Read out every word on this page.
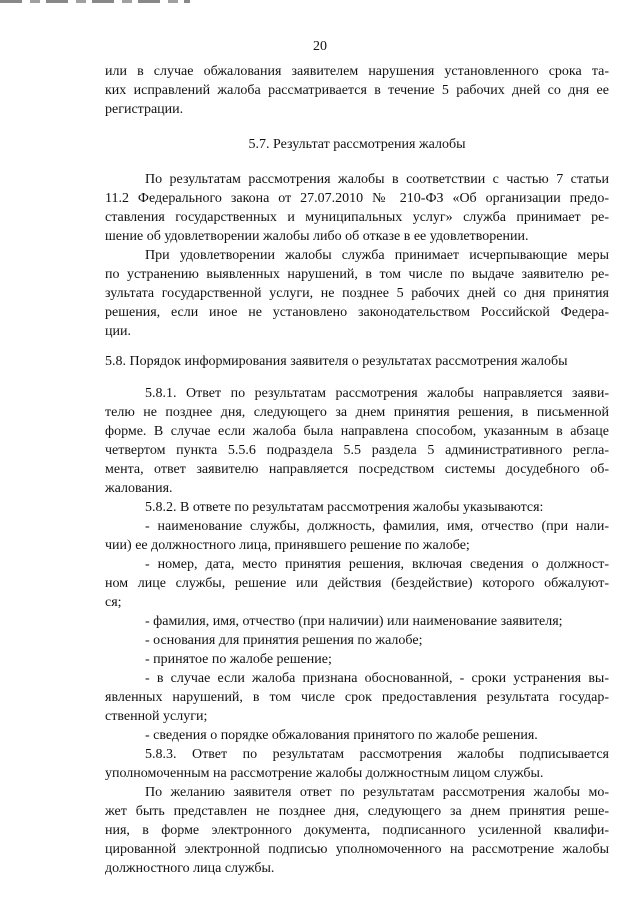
20
или в случае обжалования заявителем нарушения установленного срока та-
ких исправлений жалоба рассматривается в течение 5 рабочих дней со дня ее
регистрации.
5.7. Результат рассмотрения жалобы
По результатам рассмотрения жалобы в соответствии с частью 7 статьи
11.2 Федерального закона от 27.07.2010 № 210-ФЗ «Об организации предо-
ставления государственных и муниципальных услуг» служба принимает ре-
шение об удовлетворении жалобы либо об отказе в ее удовлетворении.
При удовлетворении жалобы служба принимает исчерпывающие меры
по устранению выявленных нарушений, в том числе по выдаче заявителю ре-
зультата государственной услуги, не позднее 5 рабочих дней со дня принятия
решения, если иное не установлено законодательством Российской Федера-
ции.
5.8. Порядок информирования заявителя о результатах рассмотрения жалобы
5.8.1. Ответ по результатам рассмотрения жалобы направляется заяви-
телю не позднее дня, следующего за днем принятия решения, в письменной
форме. В случае если жалоба была направлена способом, указанным в абзаце
четвертом пункта 5.5.6 подраздела 5.5 раздела 5 административного регла-
мента, ответ заявителю направляется посредством системы досудебного об-
жалования.
5.8.2. В ответе по результатам рассмотрения жалобы указываются:
- наименование службы, должность, фамилия, имя, отчество (при нали-
чии) ее должностного лица, принявшего решение по жалобе;
- номер, дата, место принятия решения, включая сведения о должност-
ном лице службы, решение или действия (бездействие) которого обжалуют-
ся;
- фамилия, имя, отчество (при наличии) или наименование заявителя;
- основания для принятия решения по жалобе;
- принятое по жалобе решение;
- в случае если жалоба признана обоснованной, - сроки устранения вы-
явленных нарушений, в том числе срок предоставления результата государ-
ственной услуги;
- сведения о порядке обжалования принятого по жалобе решения.
5.8.3. Ответ по результатам рассмотрения жалобы подписывается
уполномоченным на рассмотрение жалобы должностным лицом службы.
По желанию заявителя ответ по результатам рассмотрения жалобы мо-
жет быть представлен не позднее дня, следующего за днем принятия реше-
ния, в форме электронного документа, подписанного усиленной квалифи-
цированной электронной подписью уполномоченного на рассмотрение жалобы
должностного лица службы.
